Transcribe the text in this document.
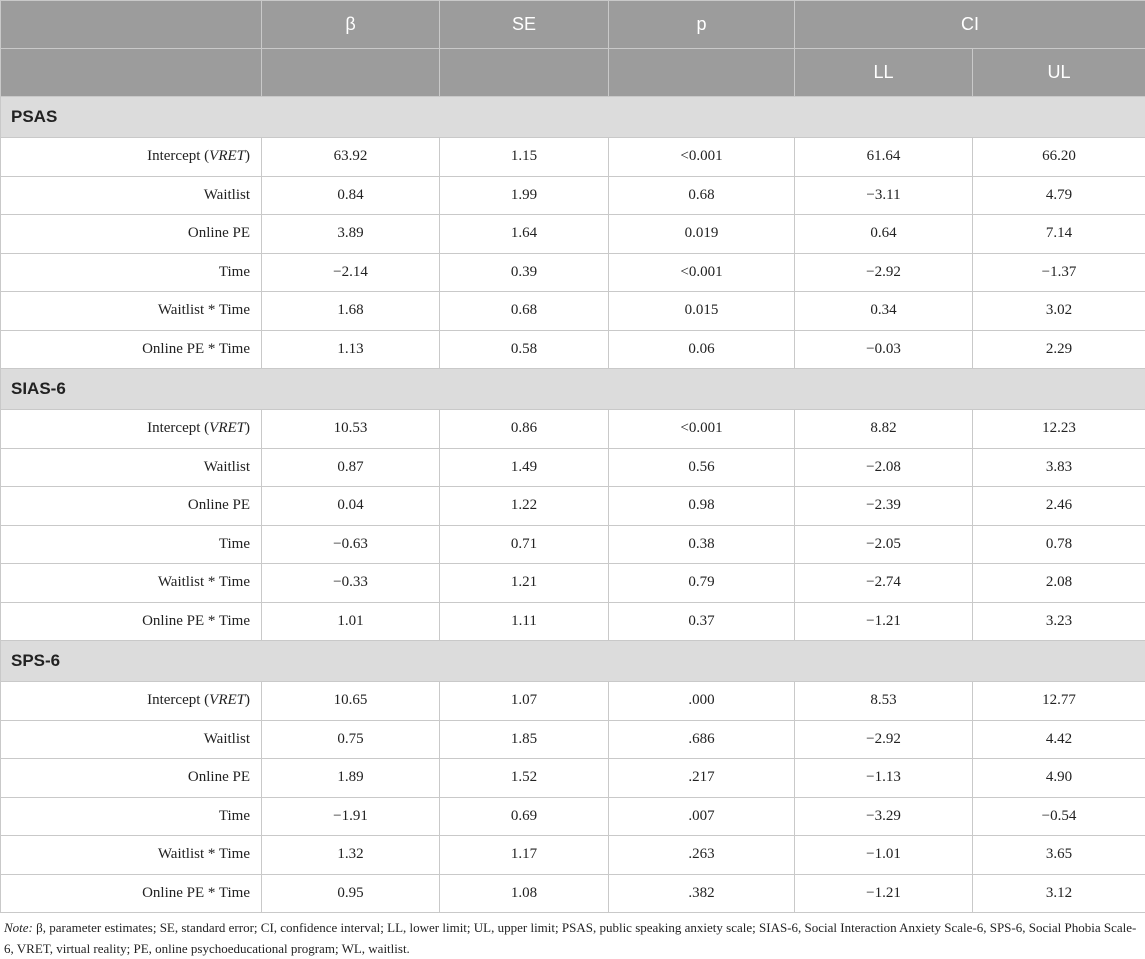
	β	SE	p	CI	
				LL	UL
PSAS					
Intercept (VRET)	63.92	1.15	<0.001	61.64	66.20
Waitlist	0.84	1.99	0.68	−3.11	4.79
Online PE	3.89	1.64	0.019	0.64	7.14
Time	−2.14	0.39	<0.001	−2.92	−1.37
Waitlist * Time	1.68	0.68	0.015	0.34	3.02
Online PE * Time	1.13	0.58	0.06	−0.03	2.29
SIAS-6					
Intercept (VRET)	10.53	0.86	<0.001	8.82	12.23
Waitlist	0.87	1.49	0.56	−2.08	3.83
Online PE	0.04	1.22	0.98	−2.39	2.46
Time	−0.63	0.71	0.38	−2.05	0.78
Waitlist * Time	−0.33	1.21	0.79	−2.74	2.08
Online PE * Time	1.01	1.11	0.37	−1.21	3.23
SPS-6					
Intercept (VRET)	10.65	1.07	.000	8.53	12.77
Waitlist	0.75	1.85	.686	−2.92	4.42
Online PE	1.89	1.52	.217	−1.13	4.90
Time	−1.91	0.69	.007	−3.29	−0.54
Waitlist * Time	1.32	1.17	.263	−1.01	3.65
Online PE * Time	0.95	1.08	.382	−1.21	3.12
Note: β, parameter estimates; SE, standard error; CI, confidence interval; LL, lower limit; UL, upper limit; PSAS, public speaking anxiety scale; SIAS-6, Social Interaction Anxiety Scale-6, SPS-6, Social Phobia Scale-6, VRET, virtual reality; PE, online psychoeducational program; WL, waitlist.
